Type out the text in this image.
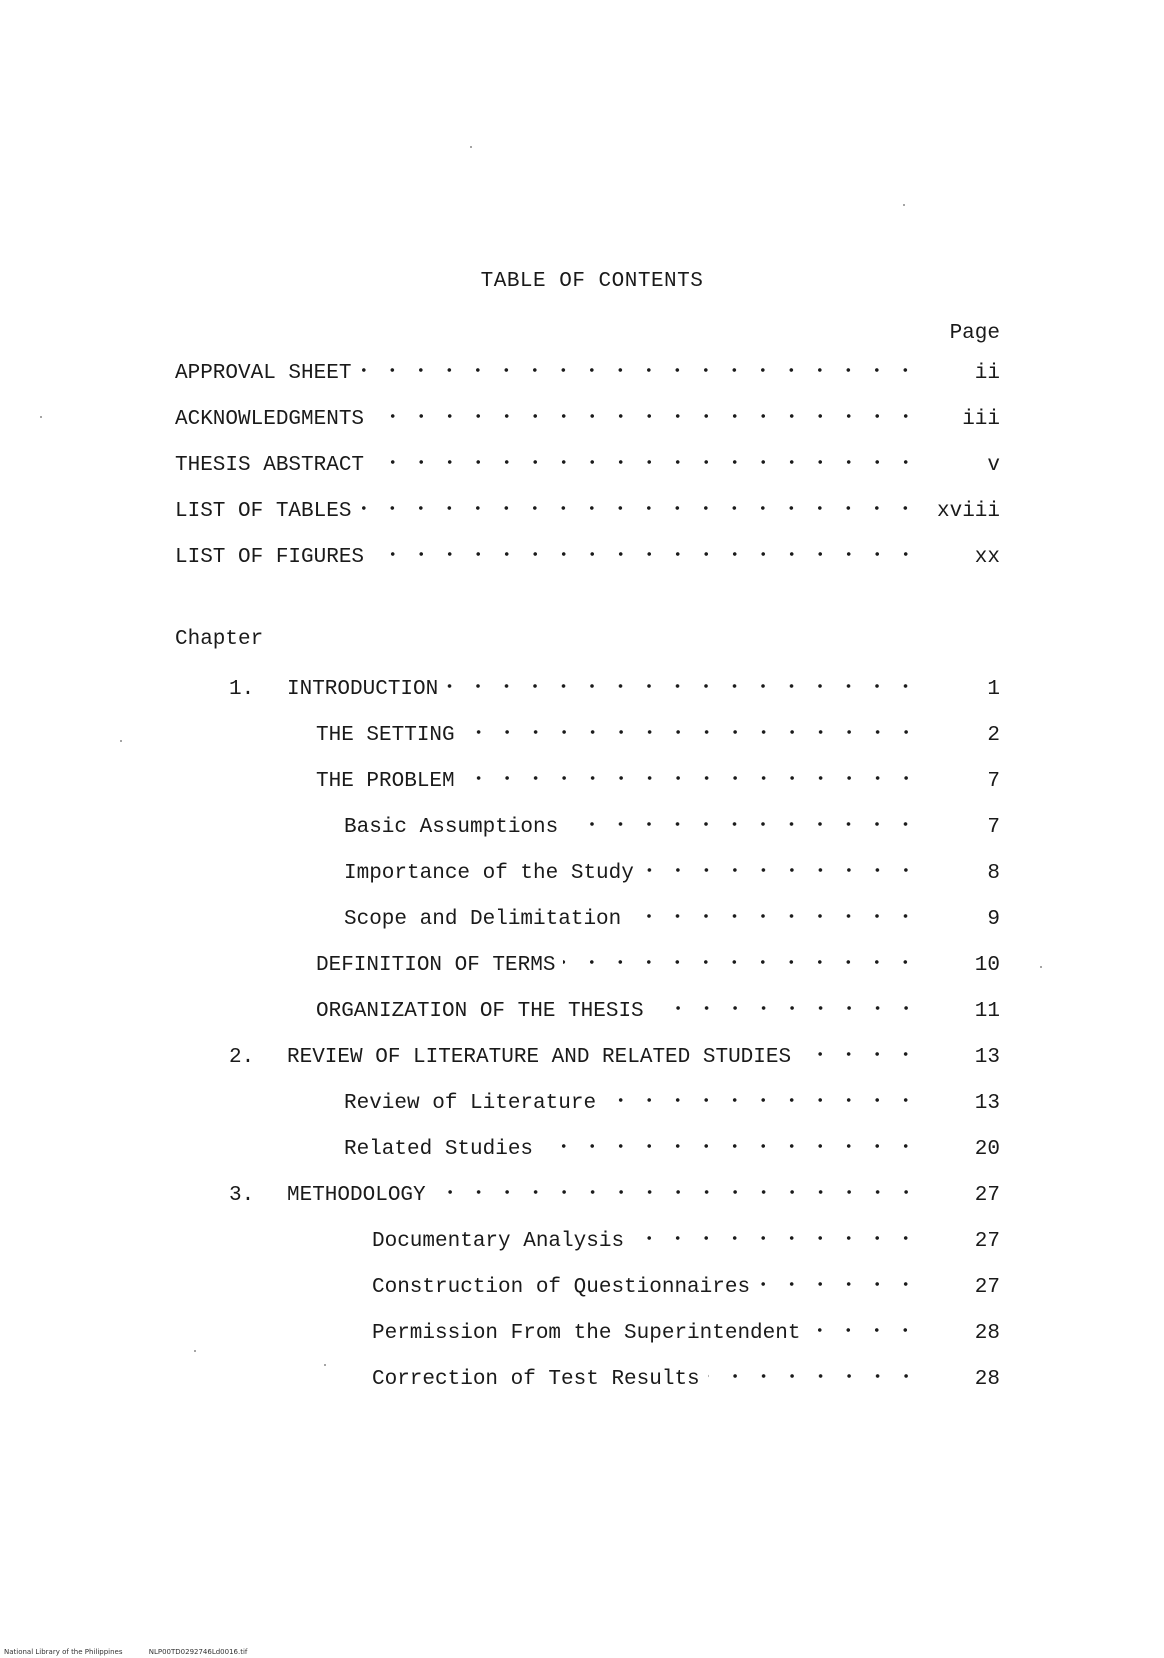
TABLE OF CONTENTS
Page
APPROVAL SHEET	ii
ACKNOWLEDGMENTS	iii
THESIS ABSTRACT	v
LIST OF TABLES	xviii
LIST OF FIGURES	xx
Chapter
1.	INTRODUCTION	1
THE SETTING	2
THE PROBLEM	7
Basic Assumptions	7
Importance of the Study	8
Scope and Delimitation	9
DEFINITION OF TERMS	10
ORGANIZATION OF THE THESIS	11
2.	REVIEW OF LITERATURE AND RELATED STUDIES	13
Review of Literature	13
Related Studies	20
3.	METHODOLOGY	27
Documentary Analysis	27
Construction of Questionnaires	27
Permission From the Superintendent	28
Correction of Test Results	28
National Library of the Philippines	NLP00TD0292746Ld0016.tif
